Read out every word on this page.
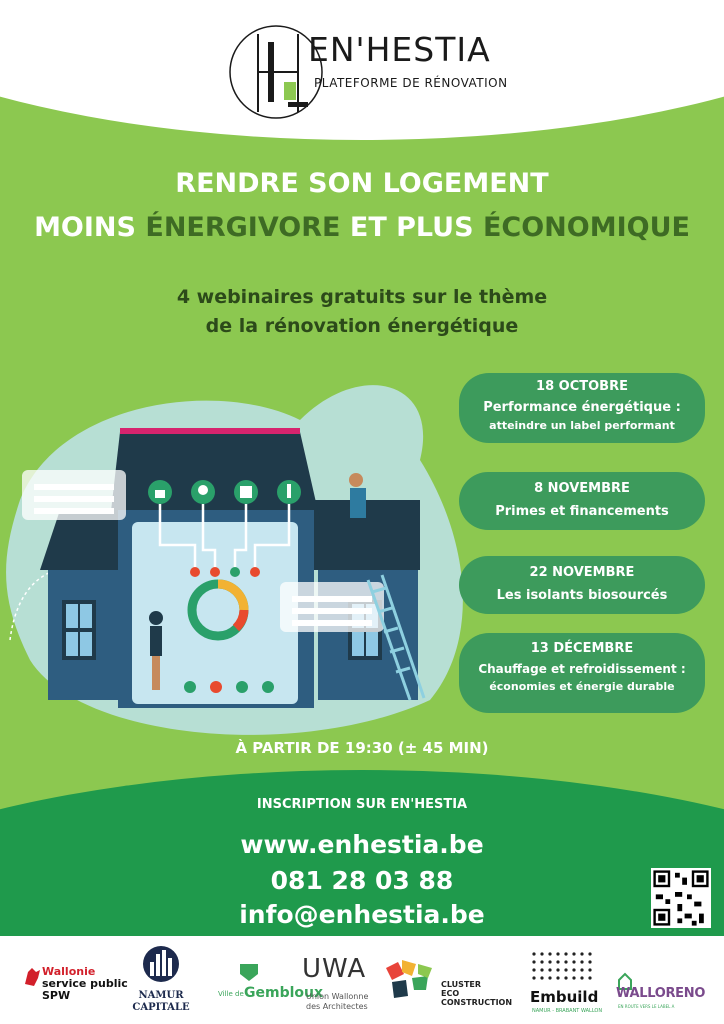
EN'HESTIA
PLATEFORME DE RÉNOVATION
RENDRE SON LOGEMENT
MOINS ÉNERGIVORE ET PLUS ÉCONOMIQUE
4 webinaires gratuits sur le thème
de la rénovation énergétique
18 OCTOBRE
Performance énergétique :
atteindre un label performant
8 NOVEMBRE
Primes et financements
22 NOVEMBRE
Les isolants biosourcés
13 DÉCEMBRE
Chauffage et refroidissement :
économies et énergie durable
À PARTIR DE 19:30 (± 45 MIN)
INSCRIPTION SUR EN'HESTIA
www.enhestia.be
081 28 03 88
info@enhestia.be
Wallonie
service public
SPW	NAMUR
CAPITALE
Ville de Gembloux
UWA
Union Wallonne
des Architectes
CLUSTER
ECO
CONSTRUCTION Embuild
NAMUR - BRABANT WALLON
WALLORENO
EN ROUTE VERS LE LABEL A
